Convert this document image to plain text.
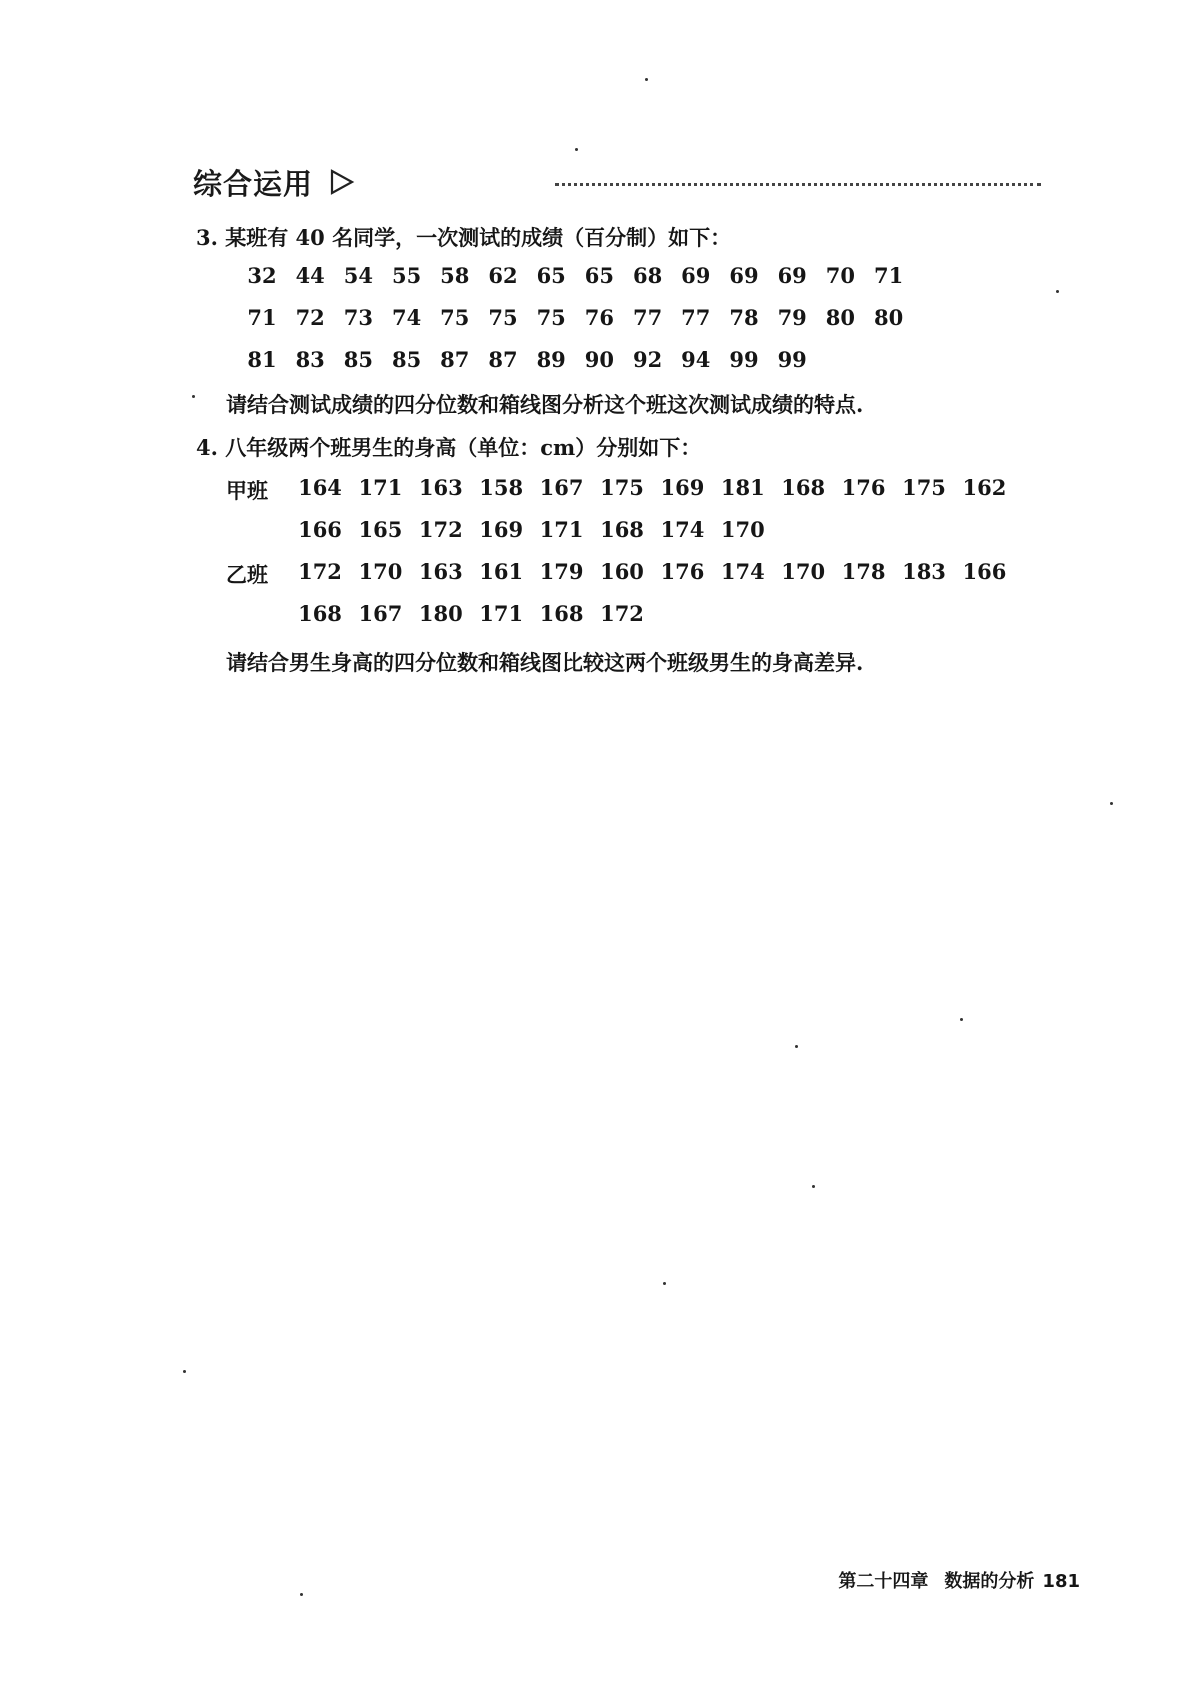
综合运用
3. 某班有 40 名同学，一次测试的成绩（百分制）如下：
32 44 54 55 58 62 65 65 68 69 69 69 70 71
71 72 73 74 75 75 75 76 77 77 78 79 80 80
81 83 85 85 87 87 89 90 92 94 99 99
请结合测试成绩的四分位数和箱线图分析这个班这次测试成绩的特点.
4. 八年级两个班男生的身高（单位：cm）分别如下：
甲班
乙班
164 171 163 158 167 175 169 181 168 176 175 162
166 165 172 169 171 168 174 170
172 170 163 161 179 160 176 174 170 178 183 166
168 167 180 171 168 172
请结合男生身高的四分位数和箱线图比较这两个班级男生的身高差异.
第二十四章 数据的分析 181
